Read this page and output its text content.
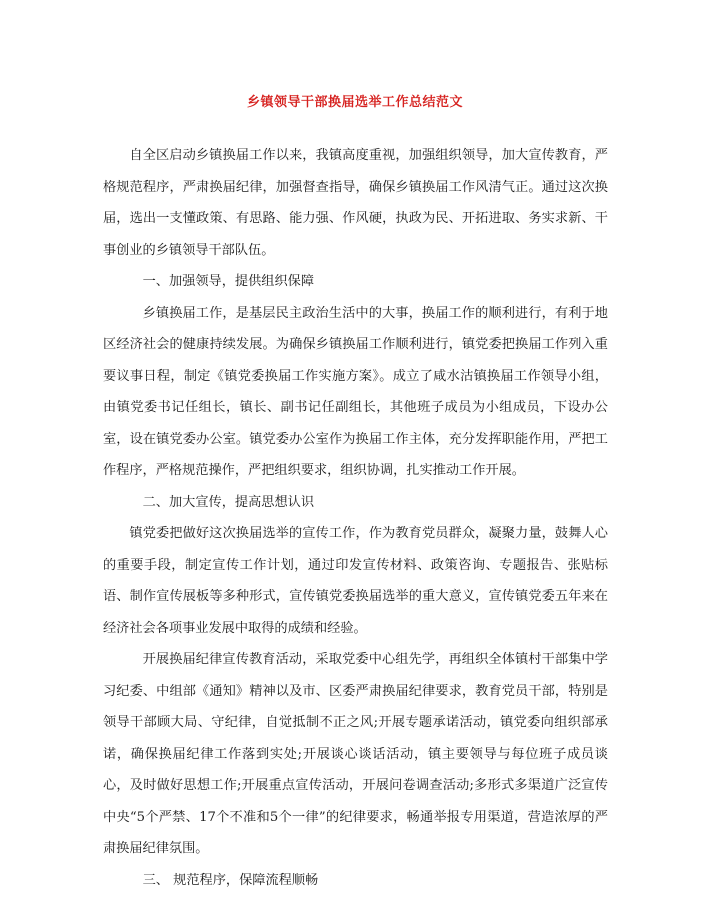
乡镇领导干部换届选举工作总结范文

自全区启动乡镇换届工作以来，我镇高度重视，加强组织领导，加大宣传教育，严格规范程序，严肃换届纪律，加强督查指导，确保乡镇换届工作风清气正。通过这次换届，选出一支懂政策、有思路、能力强、作风硬，执政为民、开拓进取、务实求新、干事创业的乡镇领导干部队伍。

一、加强领导，提供组织保障

乡镇换届工作，是基层民主政治生活中的大事，换届工作的顺利进行，有利于地区经济社会的健康持续发展。为确保乡镇换届工作顺利进行，镇党委把换届工作列入重要议事日程，制定《镇党委换届工作实施方案》。成立了咸水沽镇换届工作领导小组，由镇党委书记任组长，镇长、副书记任副组长，其他班子成员为小组成员，下设办公室，设在镇党委办公室。镇党委办公室作为换届工作主体，充分发挥职能作用，严把工作程序，严格规范操作，严把组织要求，组织协调，扎实推动工作开展。

二、加大宣传，提高思想认识

镇党委把做好这次换届选举的宣传工作，作为教育党员群众，凝聚力量，鼓舞人心的重要手段，制定宣传工作计划，通过印发宣传材料、政策咨询、专题报告、张贴标语、制作宣传展板等多种形式，宣传镇党委换届选举的重大意义，宣传镇党委五年来在经济社会各项事业发展中取得的成绩和经验。

开展换届纪律宣传教育活动，采取党委中心组先学，再组织全体镇村干部集中学习纪委、中组部《通知》精神以及市、区委严肃换届纪律要求，教育党员干部，特别是领导干部顾大局、守纪律，自觉抵制不正之风;开展专题承诺活动，镇党委向组织部承诺，确保换届纪律工作落到实处;开展谈心谈话活动，镇主要领导与每位班子成员谈心，及时做好思想工作;开展重点宣传活动，开展问卷调查活动;多形式多渠道广泛宣传中央“5个严禁、17个不准和5个一律”的纪律要求，畅通举报专用渠道，营造浓厚的严肃换届纪律氛围。

三、 规范程序，保障流程顺畅
